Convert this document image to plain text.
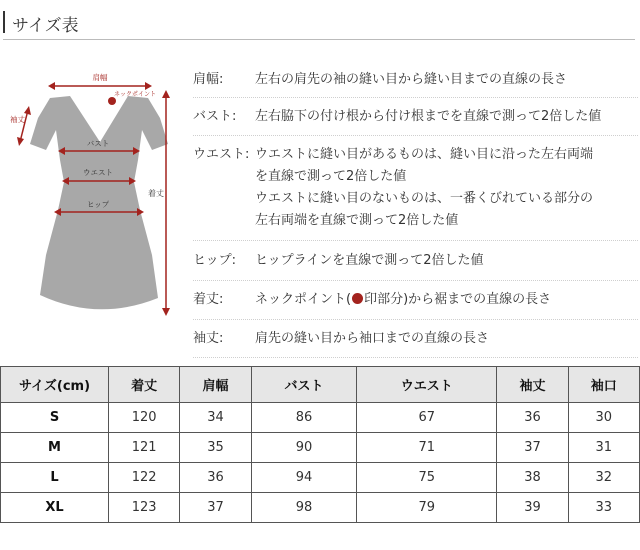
サイズ表
肩幅
袖丈
ネックポイント
着丈
バスト
ウエスト
ヒップ
肩幅:	左右の肩先の袖の縫い目から縫い目までの直線の長さ
バスト:	左右脇下の付け根から付け根までを直線で測って2倍した値
ウエスト: ウエストに縫い目があるものは、縫い目に沿った左右両端
を直線で測って2倍した値
ウエストに縫い目のないものは、一番くびれている部分の
左右両端を直線で測って2倍した値
ヒップ:	ヒップラインを直線で測って2倍した値
着丈:	ネックポイント( 印部分)から裾までの直線の長さ
袖丈:	肩先の縫い目から袖口までの直線の長さ
サイズ(cm)	着丈	肩幅	バスト	ウエスト	袖丈	袖口
S	120	34	86	67	36	30
M	121	35	90	71	37	31
L	122	36	94	75	38	32
XL	123	37	98	79	39	33
